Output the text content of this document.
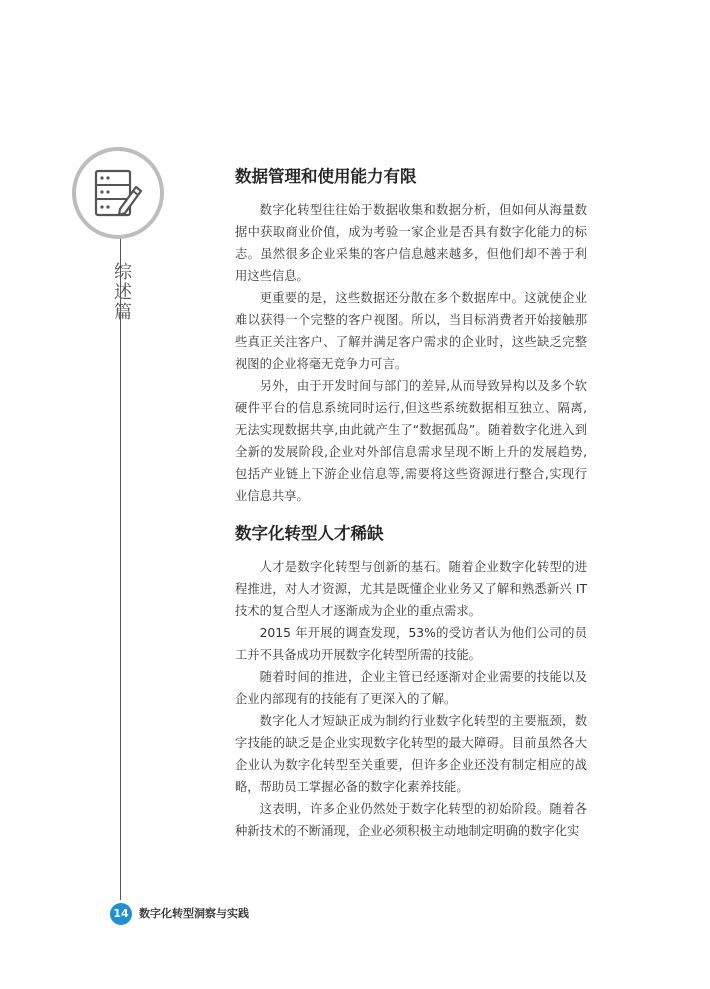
综述篇
数据管理和使用能力有限

数字化转型往往始于数据收集和数据分析，但如何从海量数据中获取商业价值，成为考验一家企业是否具有数字化能力的标志。虽然很多企业采集的客户信息越来越多，但他们却不善于利用这些信息。

更重要的是，这些数据还分散在多个数据库中。这就使企业难以获得一个完整的客户视图。所以，当目标消费者开始接触那些真正关注客户、了解并满足客户需求的企业时，这些缺乏完整视图的企业将毫无竞争力可言。

另外，由于开发时间与部门的差异,从而导致异构以及多个软硬件平台的信息系统同时运行,但这些系统数据相互独立、隔离,无法实现数据共享,由此就产生了“数据孤岛”。随着数字化进入到全新的发展阶段,企业对外部信息需求呈现不断上升的发展趋势,包括产业链上下游企业信息等,需要将这些资源进行整合,实现行业信息共享。

数字化转型人才稀缺

人才是数字化转型与创新的基石。随着企业数字化转型的进程推进，对人才资源，尤其是既懂企业业务又了解和熟悉新兴 IT 技术的复合型人才逐渐成为企业的重点需求。

2015 年开展的调查发现，53%的受访者认为他们公司的员工并不具备成功开展数字化转型所需的技能。

随着时间的推进，企业主管已经逐渐对企业需要的技能以及企业内部现有的技能有了更深入的了解。

数字化人才短缺正成为制约行业数字化转型的主要瓶颈，数字技能的缺乏是企业实现数字化转型的最大障碍。目前虽然各大企业认为数字化转型至关重要，但许多企业还没有制定相应的战略，帮助员工掌握必备的数字化素养技能。

这表明，许多企业仍然处于数字化转型的初始阶段。随着各种新技术的不断涌现，企业必须积极主动地制定明确的数字化实

14 数字化转型洞察与实践
